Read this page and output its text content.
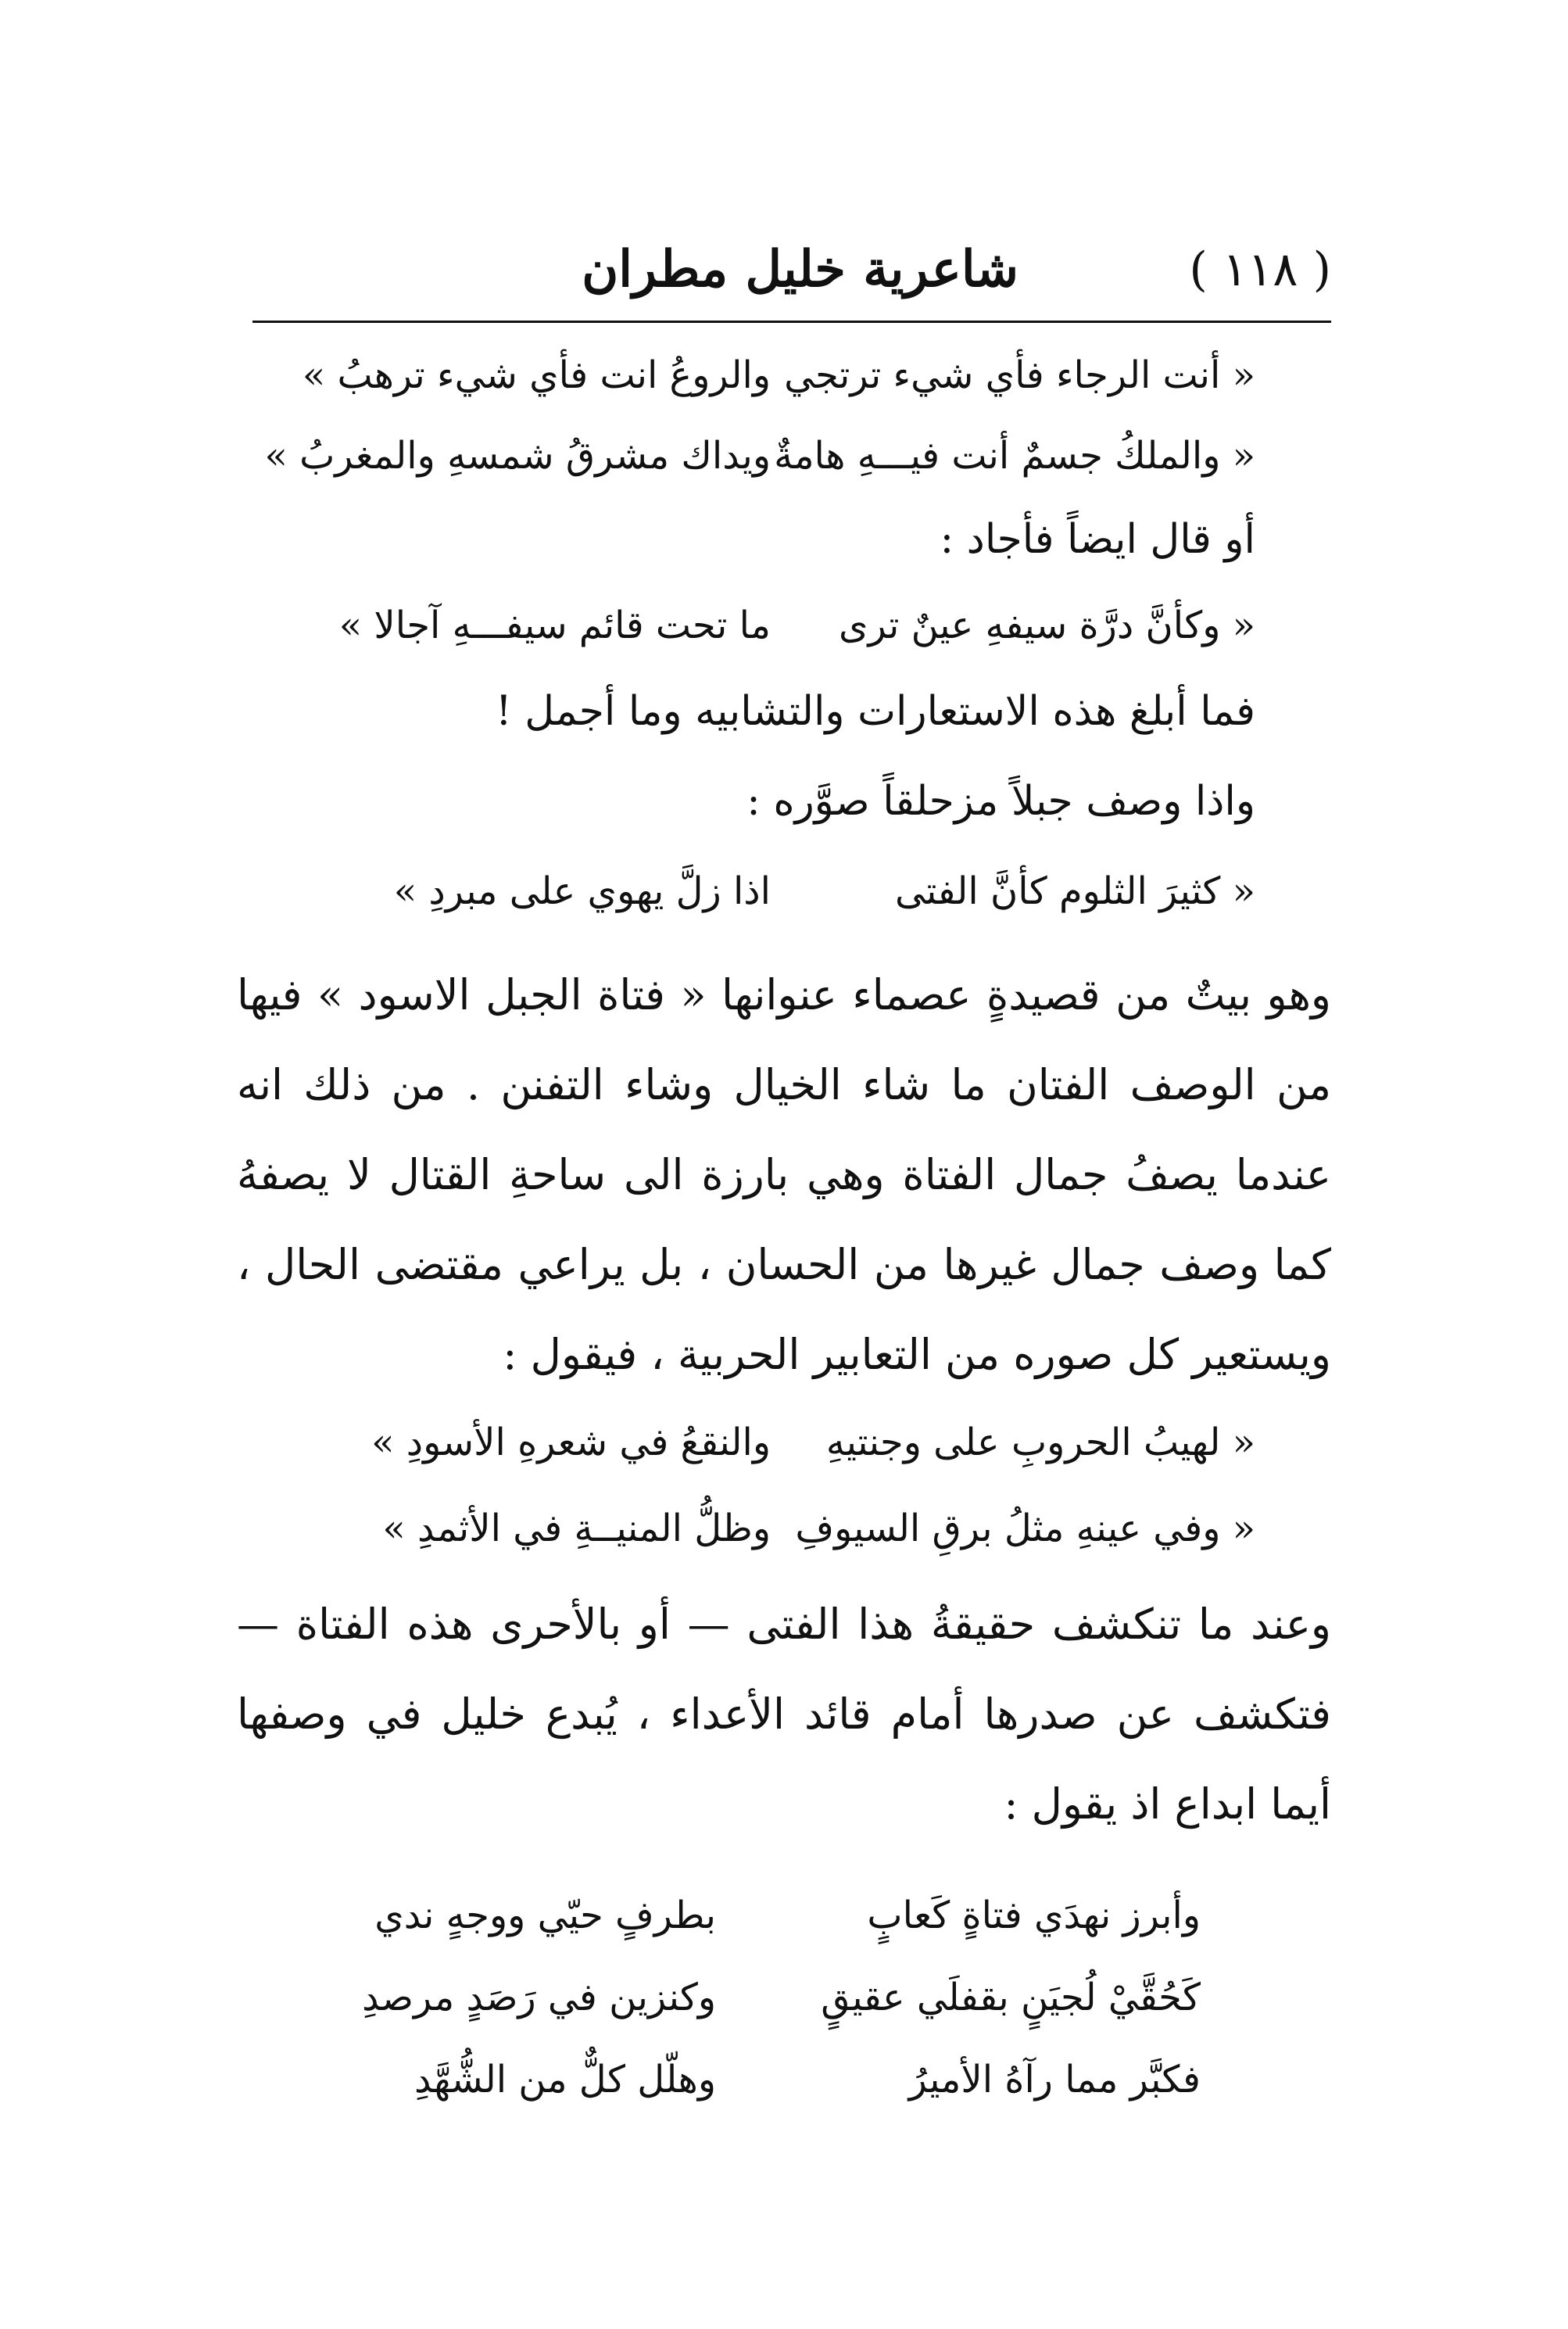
( ١١٨ )
شاعرية خليل مطران
« أنت الرجاء فأي شيء ترتجي
والروعُ انت فأي شيء ترهبُ »
« والملكُ جسمٌ أنت فيـــهِ هامةٌ
ويداك مشرقُ شمسهِ والمغربُ »
أو قال ايضاً فأجاد :
« وكأنَّ درَّة سيفهِ عينٌ ترى
ما تحت قائم سيفـــهِ آجالا »
فما أبلغ هذه الاستعارات والتشابيه وما أجمل !
واذا وصف جبلاً مزحلقاً صوَّره :
« كثيرَ الثلوم كأنَّ الفتى
اذا زلَّ يهوي على مبردِ »
وهو بيتٌ من قصيدةٍ عصماء عنوانها « فتاة الجبل الاسود » فيها من الوصف الفتان ما شاء الخيال وشاء التفنن . من ذلك انه عندما يصفُ جمال الفتاة وهي بارزة الى ساحةِ القتال لا يصفهُ كما وصف جمال غيرها من الحسان ، بل يراعي مقتضى الحال ، ويستعير كل صوره من التعابير الحربية ، فيقول :
« لهيبُ الحروبِ على وجنتيهِ
والنقعُ في شعرهِ الأسودِ »
« وفي عينهِ مثلُ برقِ السيوفِ
وظلُّ المنيــةِ في الأثمدِ »
وعند ما تنكشف حقيقةُ هذا الفتى — أو بالأحرى هذه الفتاة — فتكشف عن صدرها أمام قائد الأعداء ، يُبدع خليل في وصفها أيما ابداع اذ يقول :
وأبرز نهدَي فتاةٍ كَعابٍ
بطرفٍ حيّي ووجهٍ ندي
كَحُقَّيْ لُجيَنٍ بقفلَي عقيقٍ
وكنزين في رَصَدٍ مرصدِ
فكبَّر مما رآهُ الأميرُ
وهلّل كلٌّ من الشُّهَّدِ
